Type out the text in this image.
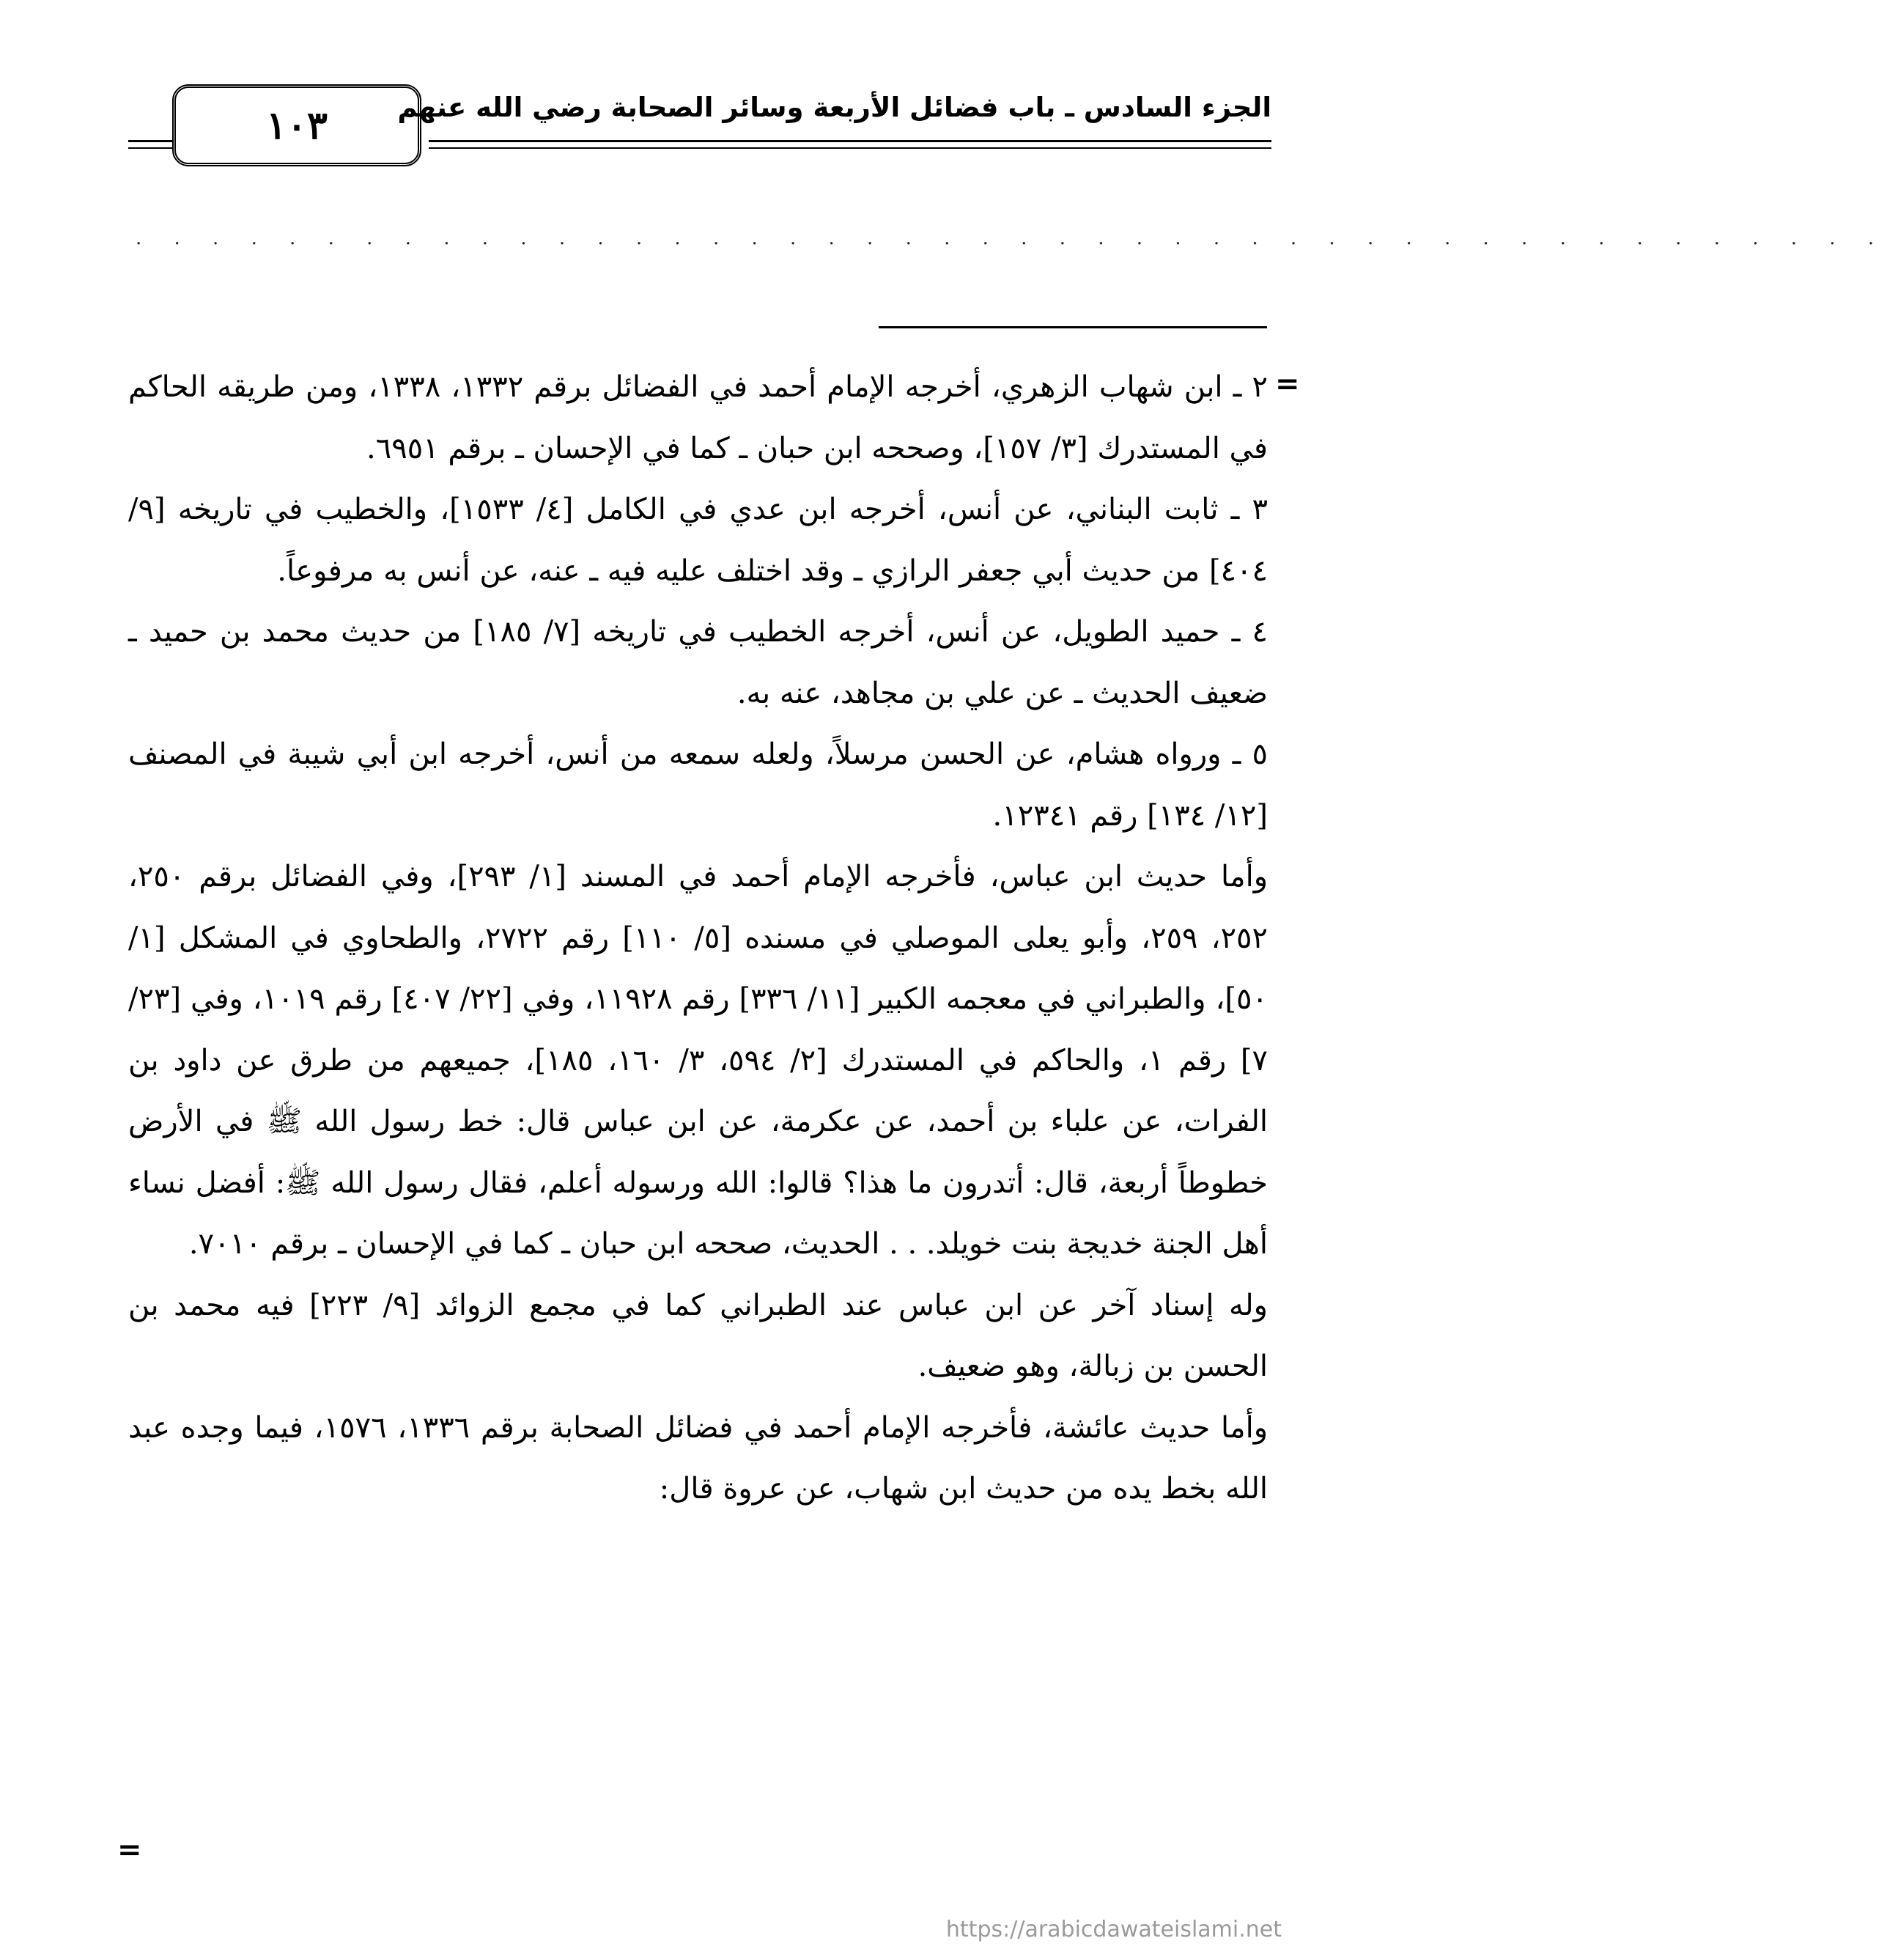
الجزء السادس ـ باب فضائل الأربعة وسائر الصحابة رضي الله عنهم
١٠٣
. . . . . . . . . . . . . . . . . . . . . . . . . . . . . . . . . . . . . . . . . . . . . .
=

٢ ـ ابن شهاب الزهري، أخرجه الإمام أحمد في الفضائل برقم ١٣٣٢، ١٣٣٨، ومن طريقه الحاكم في المستدرك [٣/ ١٥٧]، وصححه ابن حبان ـ كما في الإحسان ـ برقم ٦٩٥١.

٣ ـ ثابت البناني، عن أنس، أخرجه ابن عدي في الكامل [٤/ ١٥٣٣]، والخطيب في تاريخه [٩/ ٤٠٤] من حديث أبي جعفر الرازي ـ وقد اختلف عليه فيه ـ عنه، عن أنس به مرفوعاً.

٤ ـ حميد الطويل، عن أنس، أخرجه الخطيب في تاريخه [٧/ ١٨٥] من حديث محمد بن حميد ـ ضعيف الحديث ـ عن علي بن مجاهد، عنه به.

٥ ـ ورواه هشام، عن الحسن مرسلاً، ولعله سمعه من أنس، أخرجه ابن أبي شيبة في المصنف [١٢/ ١٣٤] رقم ١٢٣٤١.

وأما حديث ابن عباس، فأخرجه الإمام أحمد في المسند [١/ ٢٩٣]، وفي الفضائل برقم ٢٥٠، ٢٥٢، ٢٥٩، وأبو يعلى الموصلي في مسنده [٥/ ١١٠] رقم ٢٧٢٢، والطحاوي في المشكل [١/ ٥٠]، والطبراني في معجمه الكبير [١١/ ٣٣٦] رقم ١١٩٢٨، وفي [٢٢/ ٤٠٧] رقم ١٠١٩، وفي [٢٣/ ٧] رقم ١، والحاكم في المستدرك [٢/ ٥٩٤، ٣/ ١٦٠، ١٨٥]، جميعهم من طرق عن داود بن الفرات، عن علباء بن أحمد، عن عكرمة، عن ابن عباس قال: خط رسول الله ﷺ في الأرض خطوطاً أربعة، قال: أتدرون ما هذا؟ قالوا: الله ورسوله أعلم، فقال رسول الله ﷺ: أفضل نساء أهل الجنة خديجة بنت خويلد. . . الحديث، صححه ابن حبان ـ كما في الإحسان ـ برقم ٧٠١٠.

وله إسناد آخر عن ابن عباس عند الطبراني كما في مجمع الزوائد [٩/ ٢٢٣] فيه محمد بن الحسن بن زبالة، وهو ضعيف.

وأما حديث عائشة، فأخرجه الإمام أحمد في فضائل الصحابة برقم ١٣٣٦، ١٥٧٦، فيما وجده عبد الله بخط يده من حديث ابن شهاب، عن عروة قال:

=
https://arabicdawateislami.net
